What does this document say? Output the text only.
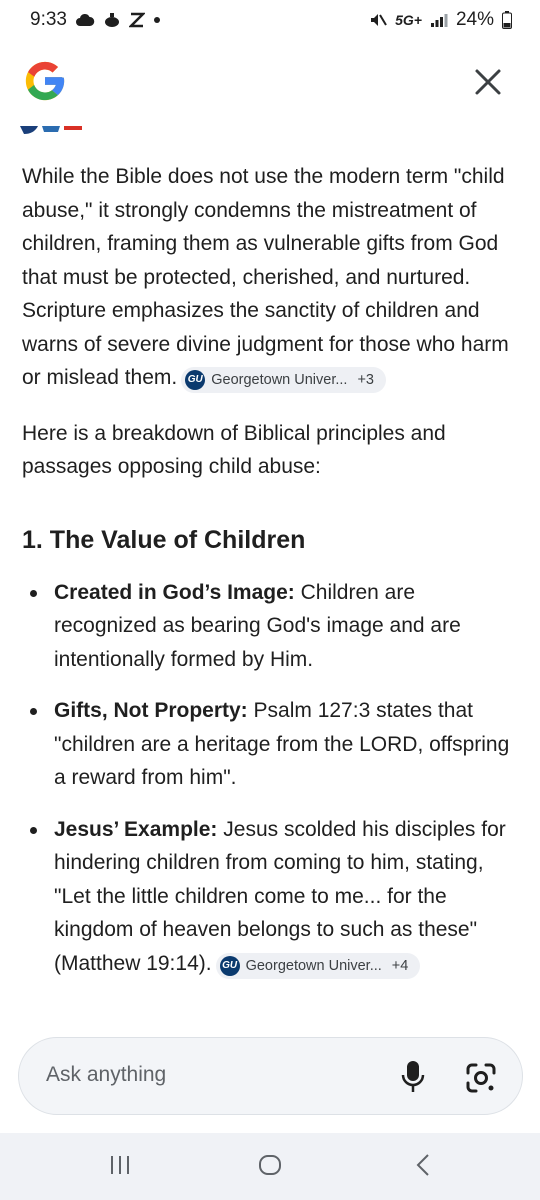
9:33	5G+ 24%

While the Bible does not use the modern term "child abuse," it strongly condemns the mistreatment of children, framing them as vulnerable gifts from God that must be protected, cherished, and nurtured. Scripture emphasizes the sanctity of children and warns of severe divine judgment for those who harm or mislead them. GU Georgetown Univer... +3

Here is a breakdown of Biblical principles and passages opposing child abuse:

1. The Value of Children
Created in God’s Image: Children are recognized as bearing God's image and are intentionally formed by Him.
Gifts, Not Property: Psalm 127:3 states that "children are a heritage from the LORD, offspring a reward from him".
Jesus’ Example: Jesus scolded his disciples for hindering children from coming to him, stating, "Let the little children come to me... for the kingdom of heaven belongs to such as these" (Matthew 19:14). GU Georgetown Univer... +4
Ask anything
